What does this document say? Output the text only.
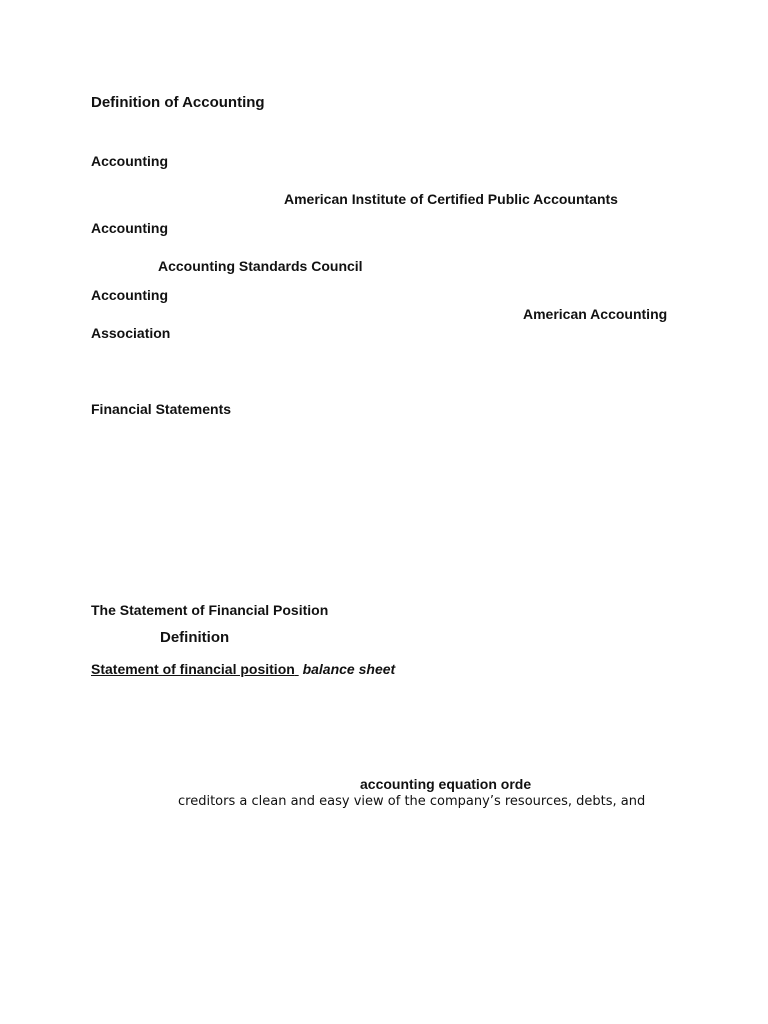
Definition of Accounting
Accounting
American Institute of Certified Public Accountants
Accounting
Accounting Standards Council
Accounting
American Accounting
Association
Financial Statements
The Statement of Financial Position
Definition
Statement of financial position balance sheet
accounting equation orde
creditors a clean and easy view of the company’s resources, debts, and
